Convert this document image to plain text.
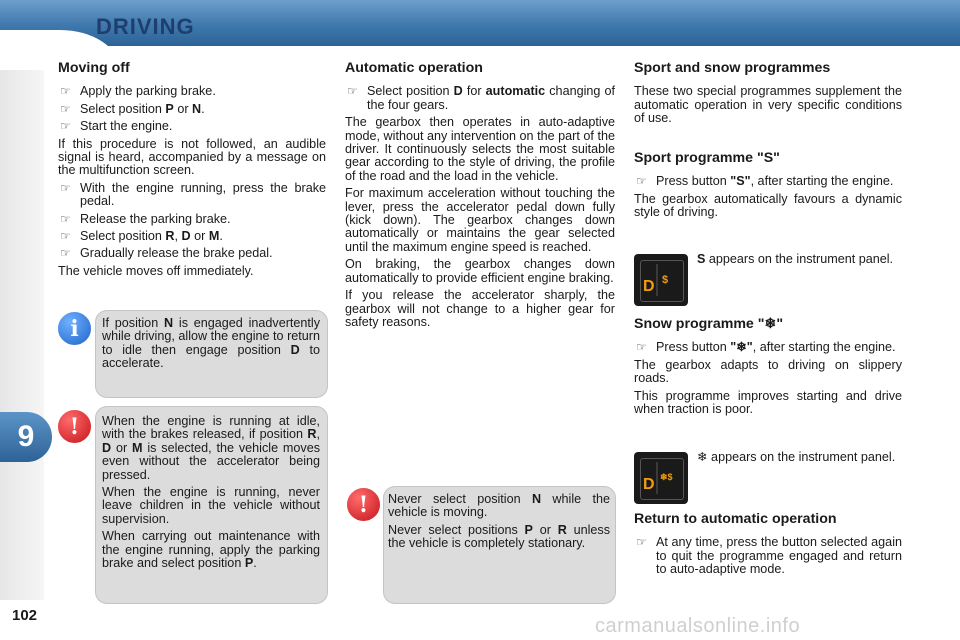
DRIVING
9
102
Moving off
☞ Apply the parking brake.
☞ Select position P or N.
☞ Start the engine.

If this procedure is not followed, an audible signal is heard, accompanied by a message on the multifunction screen.

☞ With the engine running, press the brake pedal.
☞ Release the parking brake.
☞ Select position R, D or M.
☞ Gradually release the brake pedal.

The vehicle moves off immediately.

If position N is engaged inadvertently while driving, allow the engine to return to idle then engage position D to accelerate.

i

When the engine is running at idle, with the brakes released, if position R, D or M is selected, the vehicle moves even without the accelerator being pressed.

When the engine is running, never leave children in the vehicle without supervision.

When carrying out maintenance with the engine running, apply the parking brake and select position P.

!
Automatic operation
☞ Select position D for automatic changing of the four gears.

The gearbox then operates in auto-adaptive mode, without any intervention on the part of the driver. It continuously selects the most suitable gear according to the style of driving, the profile of the road and the load in the vehicle.

For maximum acceleration without touching the lever, press the accelerator pedal down fully (kick down). The gearbox changes down automatically or maintains the gear selected until the maximum engine speed is reached.

On braking, the gearbox changes down automatically to provide efficient engine braking.

If you release the accelerator sharply, the gearbox will not change to a higher gear for safety reasons.

Never select position N while the vehicle is moving.

Never select positions P or R unless the vehicle is completely stationary.

!
Sport and snow programmes

These two special programmes supplement the automatic operation in very specific conditions of use.

Sport programme "S"
☞ Press button "S", after starting the engine.

The gearbox automatically favours a dynamic style of driving.

D $

S appears on the instrument panel.

Snow programme "❄"
☞ Press button "❄", after starting the engine.

The gearbox adapts to driving on slippery roads.

This programme improves starting and drive when traction is poor.

D ❄$

❄ appears on the instrument panel.

Return to automatic operation
☞ At any time, press the button selected again to quit the programme engaged and return to auto-adaptive mode.
carmanualsonline.info
